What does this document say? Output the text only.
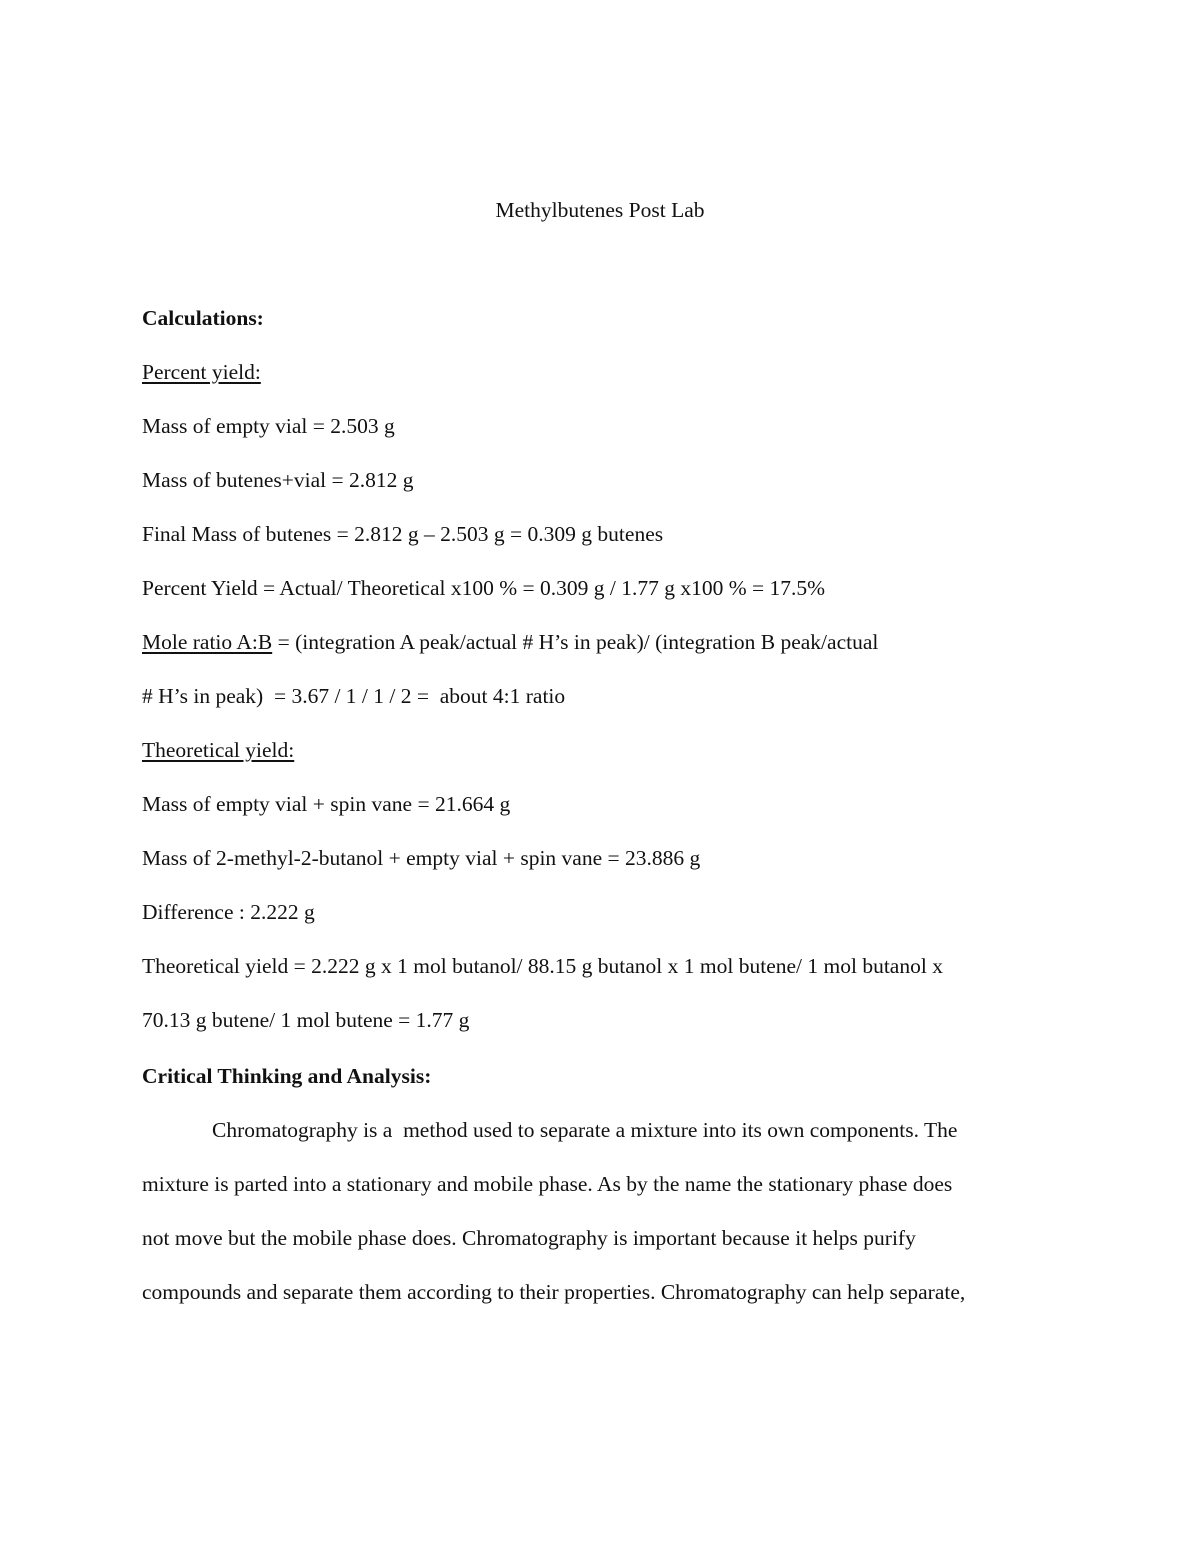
Methylbutenes Post Lab
Calculations:
Percent yield:
Mass of empty vial = 2.503 g
Mass of butenes+vial = 2.812 g
Final Mass of butenes = 2.812 g – 2.503 g = 0.309 g butenes
Percent Yield = Actual/ Theoretical x100 % = 0.309 g / 1.77 g x100 % = 17.5%
Mole ratio A:B = (integration A peak/actual # H’s in peak)/ (integration B peak/actual
# H’s in peak)  = 3.67 / 1 / 1 / 2 =  about 4:1 ratio
Theoretical yield:
Mass of empty vial + spin vane = 21.664 g
Mass of 2-methyl-2-butanol + empty vial + spin vane = 23.886 g
Difference : 2.222 g
Theoretical yield = 2.222 g x 1 mol butanol/ 88.15 g butanol x 1 mol butene/ 1 mol butanol x
70.13 g butene/ 1 mol butene = 1.77 g
Critical Thinking and Analysis:
Chromatography is a  method used to separate a mixture into its own components. The
mixture is parted into a stationary and mobile phase. As by the name the stationary phase does
not move but the mobile phase does. Chromatography is important because it helps purify
compounds and separate them according to their properties. Chromatography can help separate,
